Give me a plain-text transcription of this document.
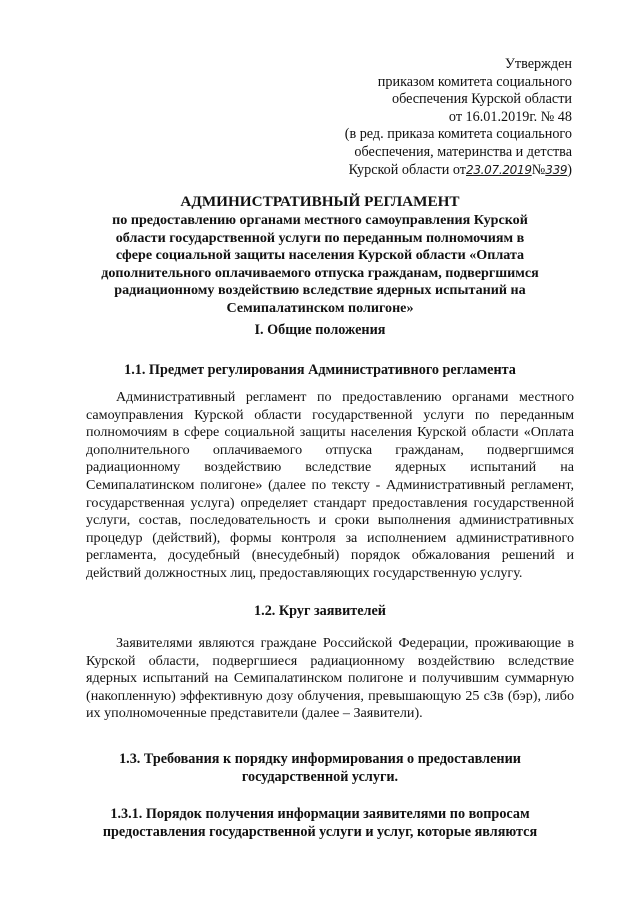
Утвержден
приказом комитета социального
обеспечения Курской области
от 16.01.2019г. № 48
(в ред. приказа комитета социального
обеспечения, материнства и детства
Курской области от23.07.2019№339)
АДМИНИСТРАТИВНЫЙ РЕГЛАМЕНТ

по предоставлению органами местного самоуправления Курской области государственной услуги по переданным полномочиям в сфере социальной защиты населения Курской области «Оплата дополнительного оплачиваемого отпуска гражданам, подвергшимся радиационному воздействию вследствие ядерных испытаний на Семипалатинском полигоне»

I. Общие положения
1.1. Предмет регулирования Административного регламента

Административный регламент по предоставлению органами местного самоуправления Курской области государственной услуги по переданным полномочиям в сфере социальной защиты населения Курской области «Оплата дополнительного оплачиваемого отпуска гражданам, подвергшимся радиационному воздействию вследствие ядерных испытаний на Семипалатинском полигоне» (далее по тексту - Административный регламент, государственная услуга) определяет стандарт предоставления государственной услуги, состав, последовательность и сроки выполнения административных процедур (действий), формы контроля за исполнением административного регламента, досудебный (внесудебный) порядок обжалования решений и действий должностных лиц, предоставляющих государственную услугу.

1.2. Круг заявителей

Заявителями являются граждане Российской Федерации, проживающие в Курской области, подвергшиеся радиационному воздействию вследствие ядерных испытаний на Семипалатинском полигоне и получившим суммарную (накопленную) эффективную дозу облучения, превышающую 25 сЗв (бэр), либо их уполномоченные представители (далее – Заявители).

1.3. Требования к порядку информирования о предоставлении государственной услуги.
1.3.1. Порядок получения информации заявителями по вопросам предоставления государственной услуги и услуг, которые являются
